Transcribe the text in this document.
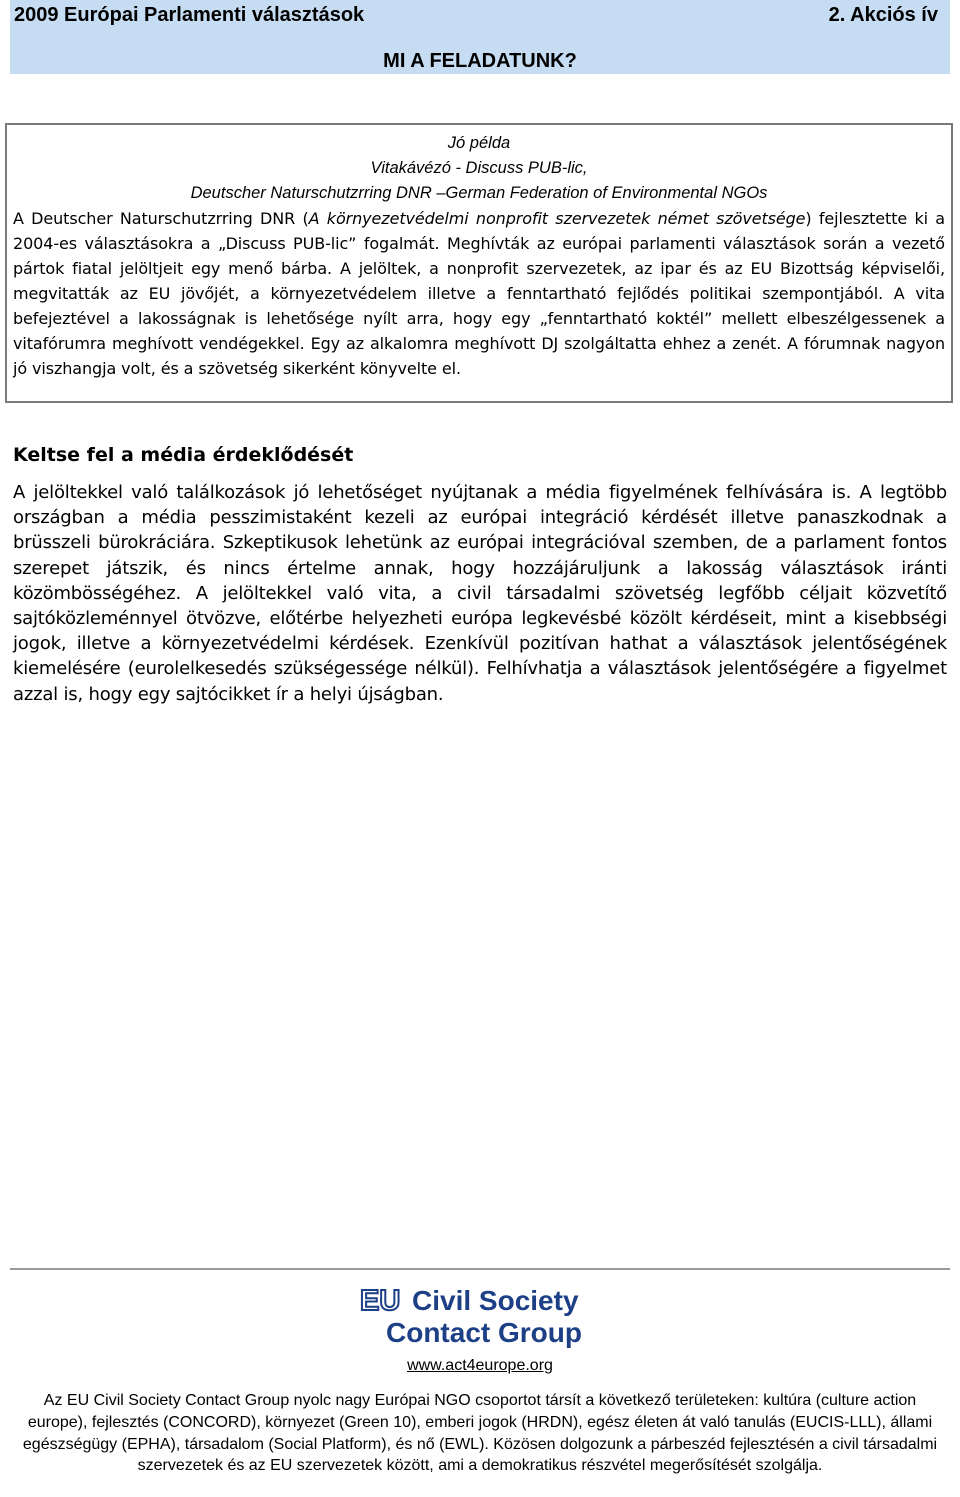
2009 Európai Parlamenti választások	2. Akciós ív
MI A FELADATUNK?
Jó példa
Vitakávézó - Discuss PUB-lic,
Deutscher Naturschutzrring DNR –German Federation of Environmental NGOs
A Deutscher Naturschutzrring DNR (A környezetvédelmi nonprofit szervezetek német szövetsége) fejlesztette ki a 2004-es választásokra a „Discuss PUB-lic” fogalmát. Meghívták az európai parlamenti választások során a vezető pártok fiatal jelöltjeit egy menő bárba. A jelöltek, a nonprofit szervezetek, az ipar és az EU Bizottság képviselői, megvitatták az EU jövőjét, a környezetvédelem illetve a fenntartható fejlődés politikai szempontjából. A vita befejeztével a lakosságnak is lehetősége nyílt arra, hogy egy „fenntartható koktél” mellett elbeszélgessenek a vitafórumra meghívott vendégekkel. Egy az alkalomra meghívott DJ szolgáltatta ehhez a zenét. A fórumnak nagyon jó viszhangja volt, és a szövetség sikerként könyvelte el.
Keltse fel a média érdeklődését
A jelöltekkel való találkozások jó lehetőséget nyújtanak a média figyelmének felhívására is. A legtöbb országban a média pesszimistaként kezeli az európai integráció kérdését illetve panaszkodnak a brüsszeli bürokráciára. Szkeptikusok lehetünk az európai integrációval szemben, de a parlament fontos szerepet játszik, és nincs értelme annak, hogy hozzájáruljunk a lakosság választások iránti közömbösségéhez. A jelöltekkel való vita, a civil társadalmi szövetség legfőbb céljait közvetítő sajtóközleménnyel ötvözve, előtérbe helyezheti európa legkevésbé közölt kérdéseit, mint a kisebbségi jogok, illetve a környezetvédelmi kérdések. Ezenkívül pozitívan hathat a választások jelentőségének kiemelésére (eurolelkesedés szükségessége nélkül). Felhívhatja a választások jelentőségére a figyelmet azzal is, hogy egy sajtócikket ír a helyi újságban.
EU Civil Society
Contact Group
www.act4europe.org
Az EU Civil Society Contact Group nyolc nagy Európai NGO csoportot társít a következő területeken: kultúra (culture action europe), fejlesztés (CONCORD), környezet (Green 10), emberi jogok (HRDN), egész életen át való tanulás (EUCIS-LLL), állami egészségügy (EPHA), társadalom (Social Platform), és nő (EWL). Közösen dolgozunk a párbeszéd fejlesztésén a civil társadalmi szervezetek és az EU szervezetek között, ami a demokratikus részvétel megerősítését szolgálja.
